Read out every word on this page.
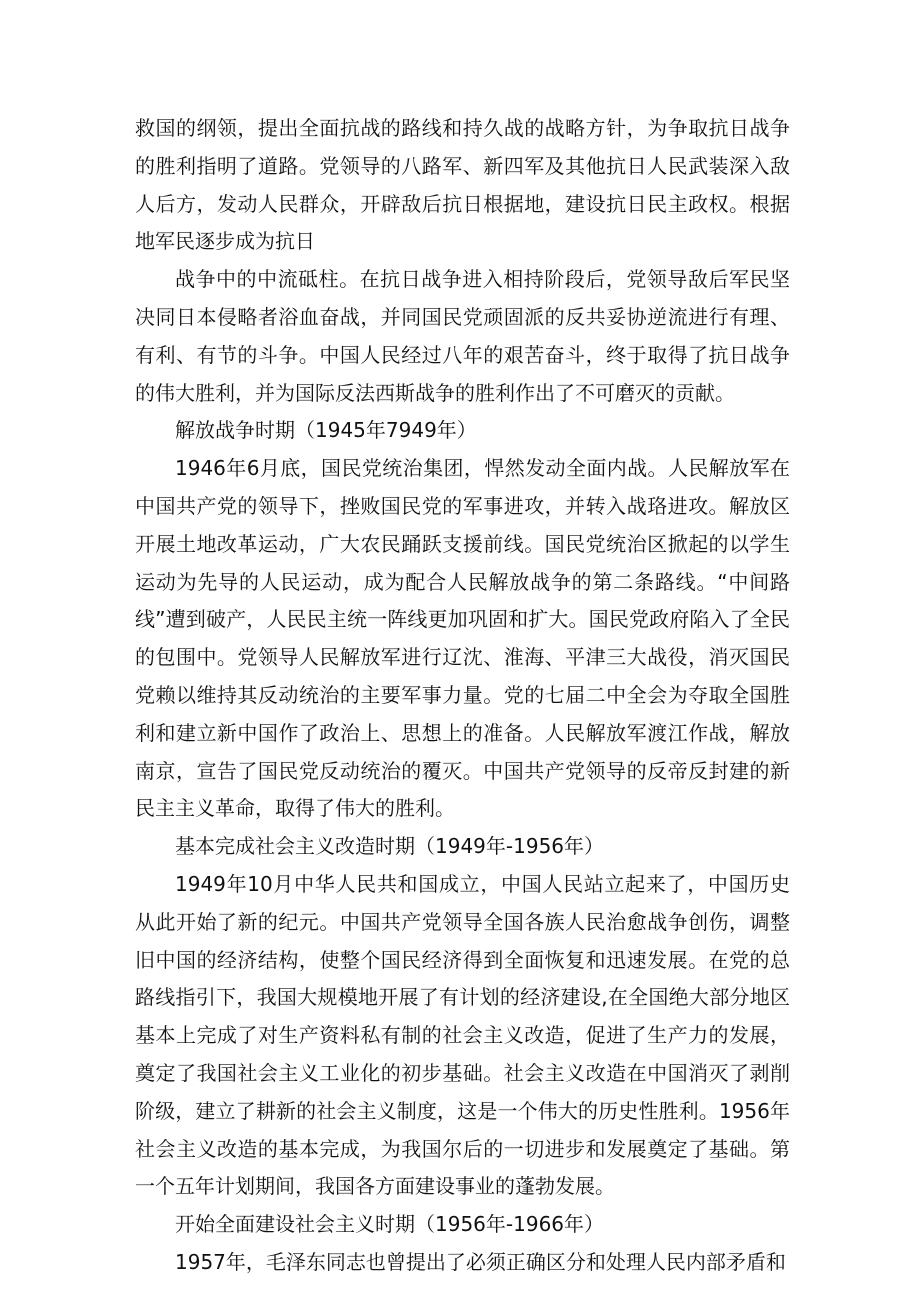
救国的纲领，提出全面抗战的路线和持久战的战略方针，为争取抗日战争的胜利指明了道路。党领导的八路军、新四军及其他抗日人民武装深入敌人后方，发动人民群众，开辟敌后抗日根据地，建设抗日民主政权。根据地军民逐步成为抗日

战争中的中流砥柱。在抗日战争进入相持阶段后，党领导敌后军民坚决同日本侵略者浴血奋战，并同国民党顽固派的反共妥协逆流进行有理、有利、有节的斗争。中国人民经过八年的艰苦奋斗，终于取得了抗日战争的伟大胜利，并为国际反法西斯战争的胜利作出了不可磨灭的贡献。

解放战争时期（1945年7949年）

1946年6月底，国民党统治集团，悍然发动全面内战。人民解放军在中国共产党的领导下，挫败国民党的军事进攻，并转入战珞进攻。解放区开展土地改革运动，广大农民踊跃支援前线。国民党统治区掀起的以学生运动为先导的人民运动，成为配合人民解放战争的第二条路线。“中间路线”遭到破产，人民民主统一阵线更加巩固和扩大。国民党政府陷入了全民的包围中。党领导人民解放军进行辽沈、淮海、平津三大战役，消灭国民党赖以维持其反动统治的主要军事力量。党的七届二中全会为夺取全国胜利和建立新中国作了政治上、思想上的准备。人民解放军渡江作战，解放南京，宣告了国民党反动统治的覆灭。中国共产党领导的反帝反封建的新民主主义革命，取得了伟大的胜利。

基本完成社会主义改造时期（1949年-1956年）

1949年10月中华人民共和国成立，中国人民站立起来了，中国历史从此开始了新的纪元。中国共产党领导全国各族人民治愈战争创伤，调整旧中国的经济结构，使整个国民经济得到全面恢复和迅速发展。在党的总路线指引下，我国大规模地开展了有计划的经济建设,在全国绝大部分地区基本上完成了对生产资料私有制的社会主义改造，促进了生产力的发展，奠定了我国社会主义工业化的初步基础。社会主义改造在中国消灭了剥削阶级，建立了耕新的社会主义制度，这是一个伟大的历史性胜利。1956年社会主义改造的基本完成，为我国尔后的一切进步和发展奠定了基础。第一个五年计划期间，我国各方面建设事业的蓬勃发展。

开始全面建设社会主义时期（1956年-1966年）

1957年，毛泽东同志也曾提出了必须正确区分和处理人民内部矛盾和
